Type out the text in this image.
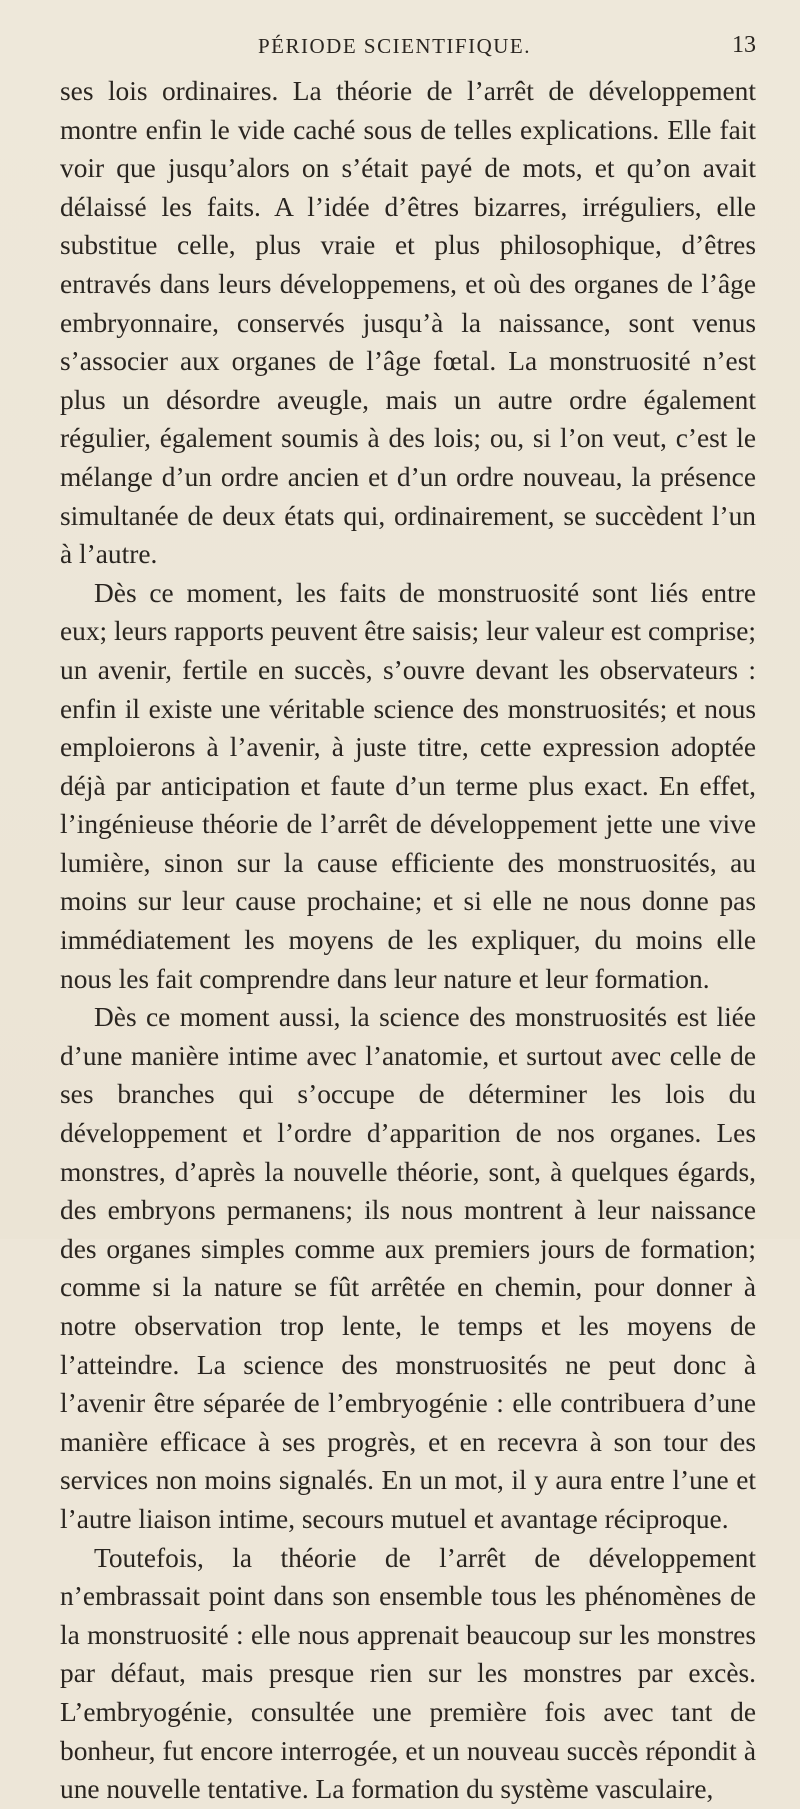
PÉRIODE SCIENTIFIQUE.	13

ses lois ordinaires. La théorie de l’arrêt de développement montre enfin le vide caché sous de telles explications. Elle fait voir que jusqu’alors on s’était payé de mots, et qu’on avait délaissé les faits. A l’idée d’êtres bizarres, irréguliers, elle substitue celle, plus vraie et plus philosophique, d’êtres entravés dans leurs développemens, et où des organes de l’âge embryonnaire, conservés jusqu’à la naissance, sont venus s’associer aux organes de l’âge fœtal. La monstruosité n’est plus un désordre aveugle, mais un autre ordre également régulier, également soumis à des lois; ou, si l’on veut, c’est le mélange d’un ordre ancien et d’un ordre nouveau, la présence simultanée de deux états qui, ordinairement, se succèdent l’un à l’autre.

Dès ce moment, les faits de monstruosité sont liés entre eux; leurs rapports peuvent être saisis; leur valeur est comprise; un avenir, fertile en succès, s’ouvre devant les observateurs : enfin il existe une véritable science des monstruosités; et nous emploierons à l’avenir, à juste titre, cette expression adoptée déjà par anticipation et faute d’un terme plus exact. En effet, l’ingénieuse théorie de l’arrêt de développement jette une vive lumière, sinon sur la cause efficiente des monstruosités, au moins sur leur cause prochaine; et si elle ne nous donne pas immédiatement les moyens de les expliquer, du moins elle nous les fait comprendre dans leur nature et leur formation.

Dès ce moment aussi, la science des monstruosités est liée d’une manière intime avec l’anatomie, et surtout avec celle de ses branches qui s’occupe de déterminer les lois du développement et l’ordre d’apparition de nos organes. Les monstres, d’après la nouvelle théorie, sont, à quelques égards, des embryons permanens; ils nous montrent à leur naissance des organes simples comme aux premiers jours de formation; comme si la nature se fût arrêtée en chemin, pour donner à notre observation trop lente, le temps et les moyens de l’atteindre. La science des monstruosités ne peut donc à l’avenir être séparée de l’embryogénie : elle contribuera d’une manière efficace à ses progrès, et en recevra à son tour des services non moins signalés. En un mot, il y aura entre l’une et l’autre liaison intime, secours mutuel et avantage réciproque.

Toutefois, la théorie de l’arrêt de développement n’embrassait point dans son ensemble tous les phénomènes de la monstruosité : elle nous apprenait beaucoup sur les monstres par défaut, mais presque rien sur les monstres par excès. L’embryogénie, consultée une première fois avec tant de bonheur, fut encore interrogée, et un nouveau succès répondit à une nouvelle tentative. La formation du système vasculaire,
